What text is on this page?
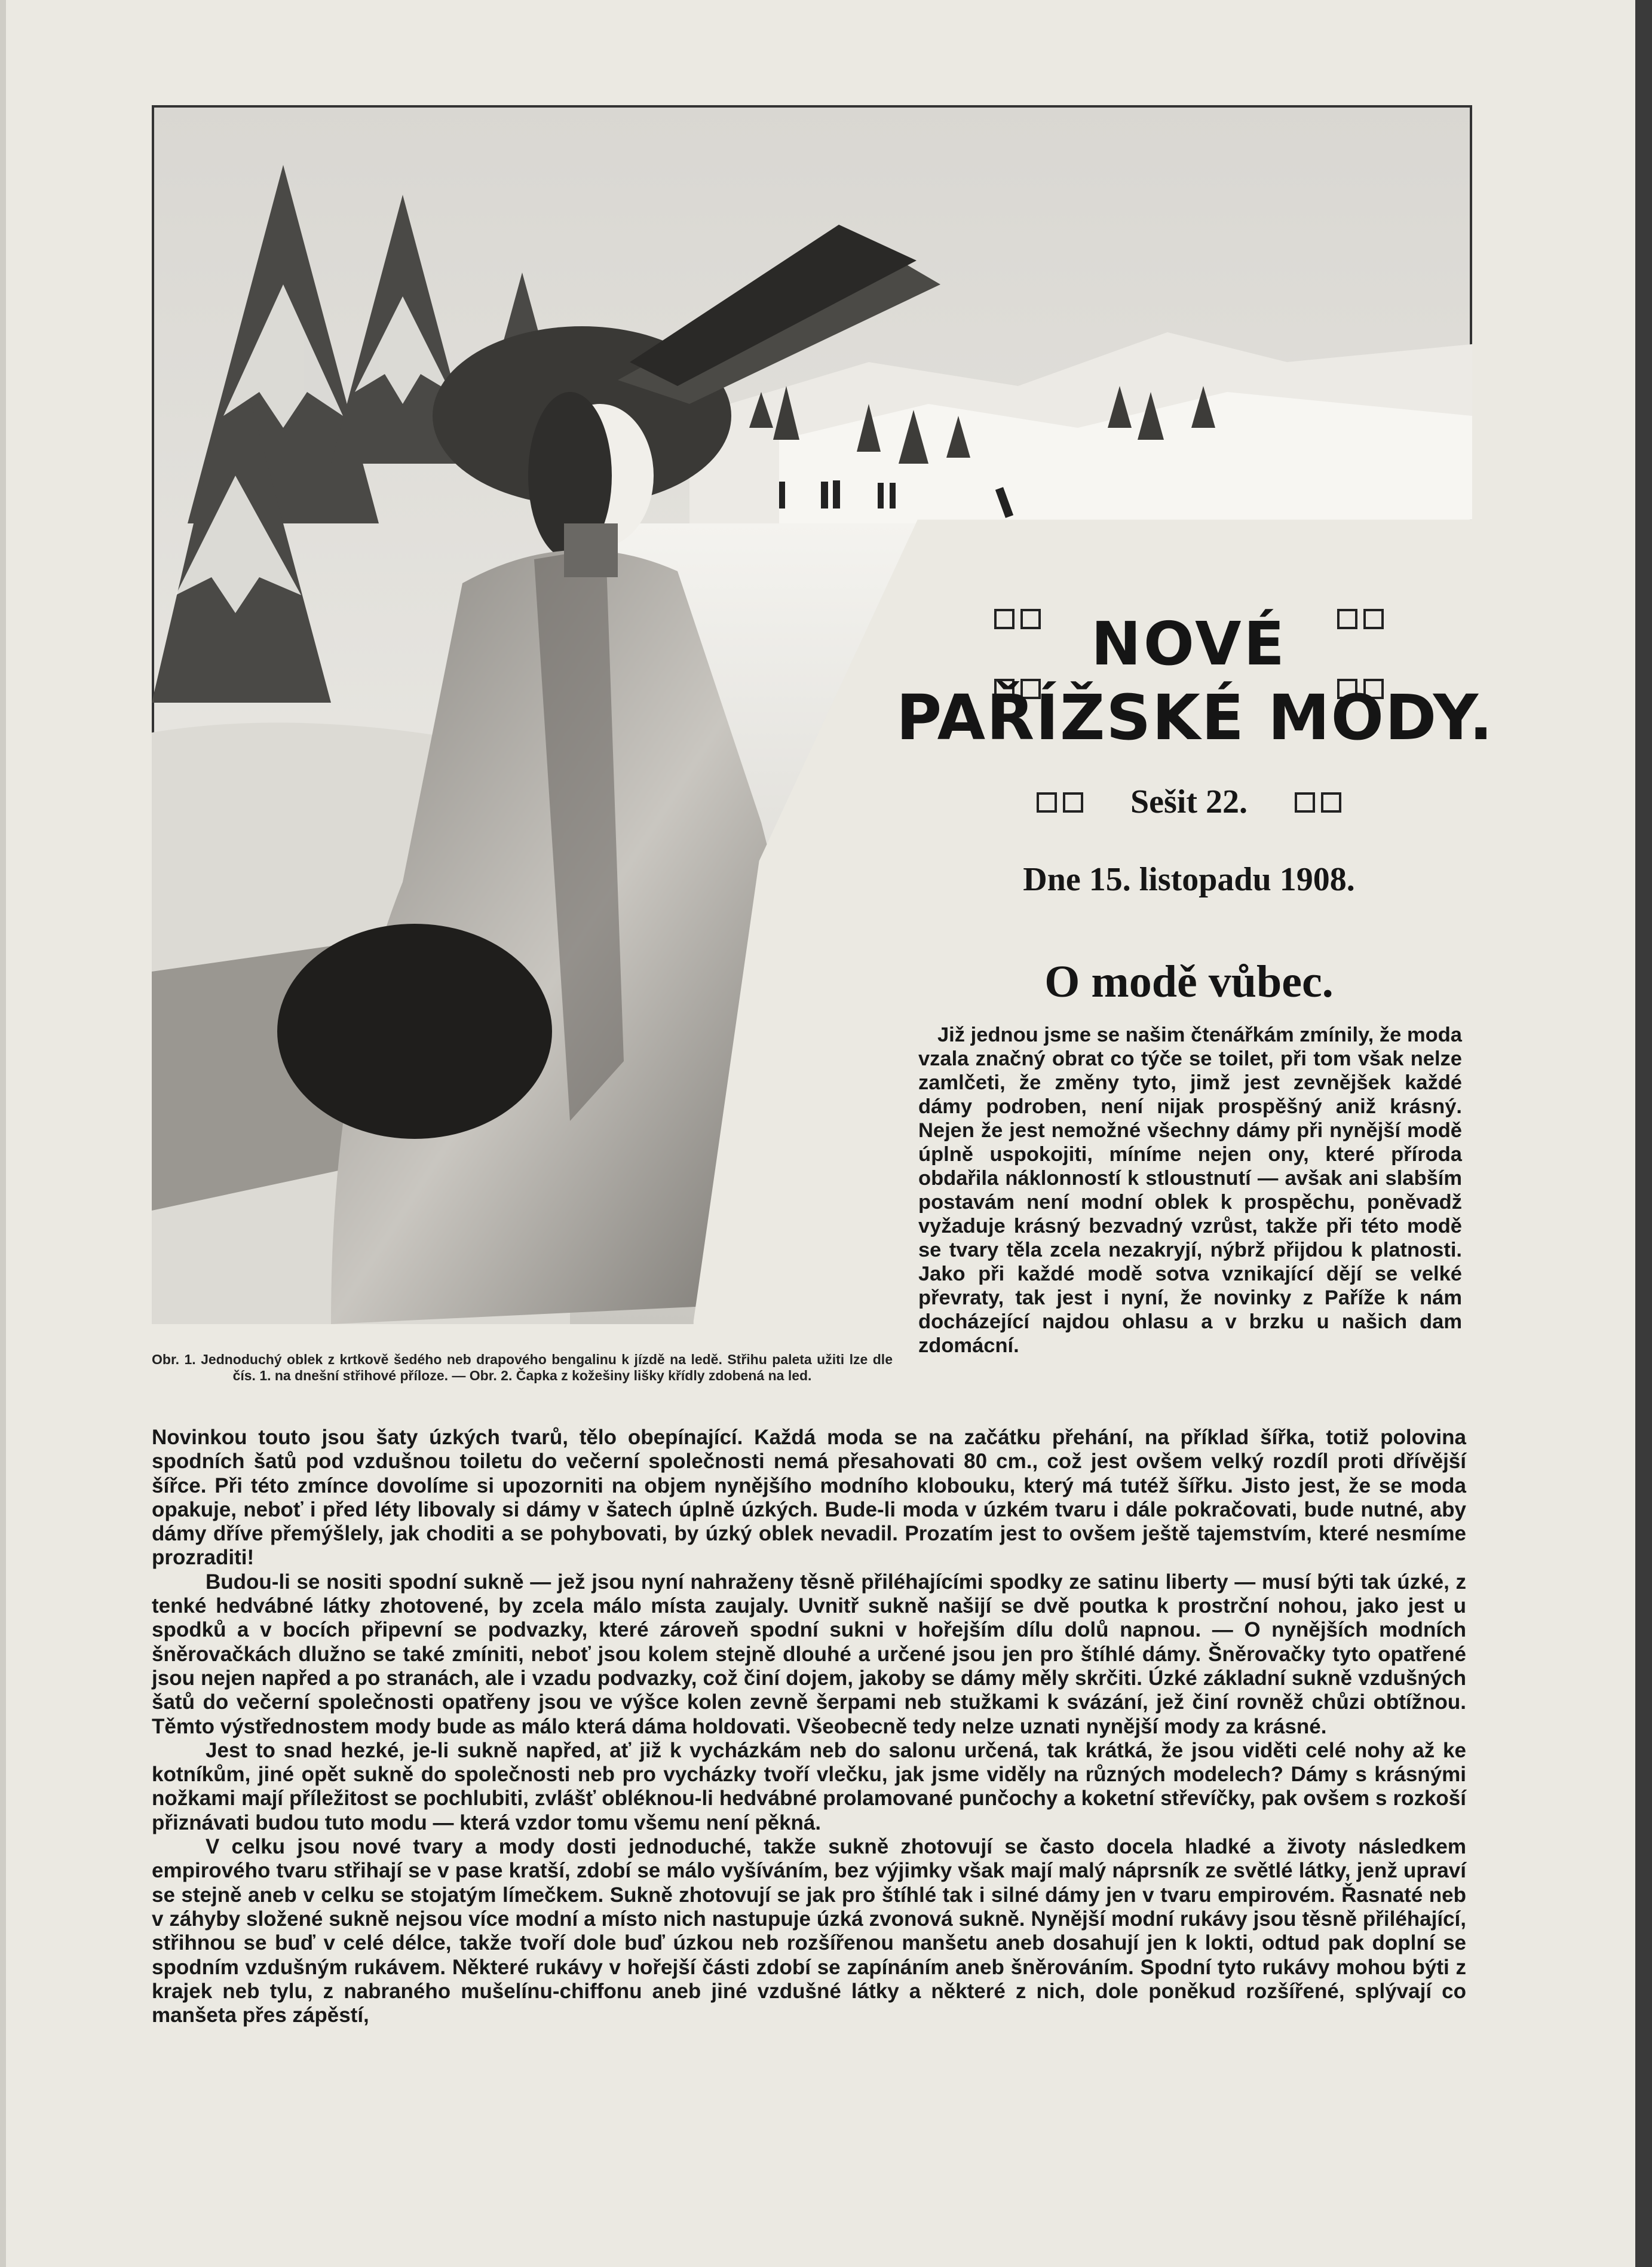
NOVÉ

PAŘÍŽSKÉ MODY.
Sešit 22.
Dne 15. listopadu 1908.
O modě vůbec.

Již jednou jsme se našim čtenářkám zmínily, že moda vzala značný obrat co týče se toilet, při tom však nelze zamlčeti, že změny tyto, jimž jest zevnějšek každé dámy podroben, není nijak prospěšný aniž krásný. Nejen že jest nemožné všechny dámy při nynější modě úplně uspokojiti, míníme nejen ony, které příroda obdařila náklonností k stloustnutí — avšak ani slabším postavám není modní oblek k prospěchu, poněvadž vyžaduje krásný bezvadný vzrůst, takže při této modě se tvary těla zcela nezakryjí, nýbrž přijdou k platnosti. Jako při každé modě sotva vznikající dějí se velké převraty, tak jest i nyní, že novinky z Paříže k nám docházející najdou ohlasu a v brzku u našich dam zdomácní.

Obr. 1. Jednoduchý oblek z krtkově šedého neb drapového bengalinu k jízdě na ledě. Střihu paleta užiti lze dle čís. 1. na dnešní střihové příloze. — Obr. 2. Čapka z kožešiny lišky křídly zdobená na led.

Novinkou touto jsou šaty úzkých tvarů, tělo obepínající. Každá moda se na začátku přehání, na příklad šířka, totiž polovina spodních šatů pod vzdušnou toiletu do večerní společnosti nemá přesahovati 80 cm., což jest ovšem velký rozdíl proti dřívější šířce. Při této zmínce dovolíme si upozorniti na objem nynějšího modního klobouku, který má tutéž šířku. Jisto jest, že se moda opakuje, neboť i před léty libovaly si dámy v šatech úplně úzkých. Bude-li moda v úzkém tvaru i dále pokračovati, bude nutné, aby dámy dříve přemýšlely, jak choditi a se pohybovati, by úzký oblek nevadil. Prozatím jest to ovšem ještě tajemstvím, které nesmíme prozraditi!

Budou-li se nositi spodní sukně — jež jsou nyní nahraženy těsně přiléhajícími spodky ze satinu liberty — musí býti tak úzké, z tenké hedvábné látky zhotovené, by zcela málo místa zaujaly. Uvnitř sukně našijí se dvě poutka k prostrční nohou, jako jest u spodků a v bocích připevní se podvazky, které zároveň spodní sukni v hořejším dílu dolů napnou. — O nynějších modních šněrovačkách dlužno se také zmíniti, neboť jsou kolem stejně dlouhé a určené jsou jen pro štíhlé dámy. Šněrovačky tyto opatřené jsou nejen napřed a po stranách, ale i vzadu podvazky, což činí dojem, jakoby se dámy měly skrčiti. Úzké základní sukně vzdušných šatů do večerní společnosti opatřeny jsou ve výšce kolen zevně šerpami neb stužkami k svázání, jež činí rovněž chůzi obtížnou. Těmto výstřednostem mody bude as málo která dáma holdovati. Všeobecně tedy nelze uznati nynější mody za krásné.

Jest to snad hezké, je-li sukně napřed, ať již k vycházkám neb do salonu určená, tak krátká, že jsou viděti celé nohy až ke kotníkům, jiné opět sukně do společnosti neb pro vycházky tvoří vlečku, jak jsme viděly na různých modelech? Dámy s krásnými nožkami mají příležitost se pochlubiti, zvlášť obléknou-li hedvábné prolamované punčochy a koketní střevíčky, pak ovšem s rozkoší přiznávati budou tuto modu — která vzdor tomu všemu není pěkná.

V celku jsou nové tvary a mody dosti jednoduché, takže sukně zhotovují se často docela hladké a životy následkem empirového tvaru střihají se v pase kratší, zdobí se málo vyšíváním, bez výjimky však mají malý náprsník ze světlé látky, jenž upraví se stejně aneb v celku se stojatým límečkem. Sukně zhotovují se jak pro štíhlé tak i silné dámy jen v tvaru empirovém. Řasnaté neb v záhyby složené sukně nejsou více modní a místo nich nastupuje úzká zvonová sukně. Nynější modní rukávy jsou těsně přiléhající, střihnou se buď v celé délce, takže tvoří dole buď úzkou neb rozšířenou manšetu aneb dosahují jen k lokti, odtud pak doplní se spodním vzdušným rukávem. Některé rukávy v hořejší části zdobí se zapínáním aneb šněrováním. Spodní tyto rukávy mohou býti z krajek neb tylu, z nabraného mušelínu-chiffonu aneb jiné vzdušné látky a některé z nich, dole poněkud rozšířené, splývají co manšeta přes zápěstí,
